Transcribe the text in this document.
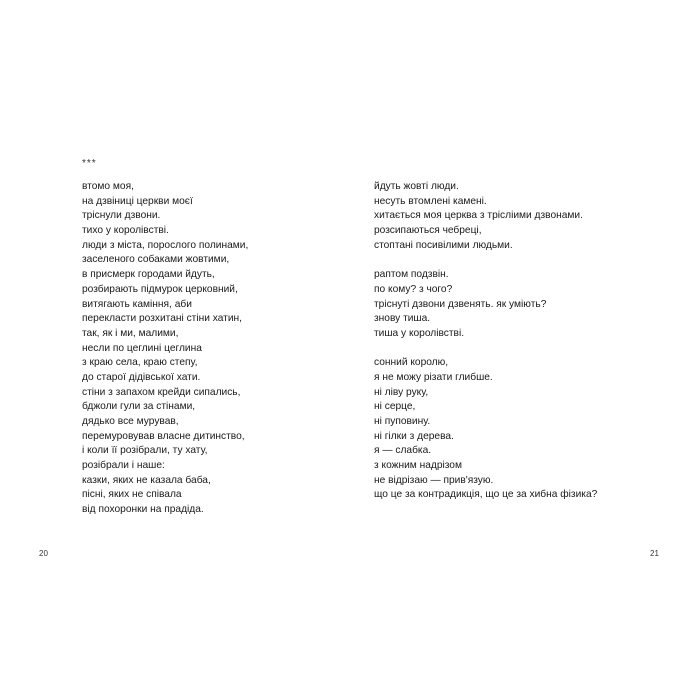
***

втомо моя,
на дзвіниці церкви моєї
тріснули дзвони.
тихо у королівстві.
люди з міста, порослого полинами,
заселеного собаками жовтими,
в присмерк городами йдуть,
розбирають підмурок церковний,
витягають каміння, аби
перекласти розхитані стіни хатин,
так, як і ми, малими,
несли по цеглині цеглина
з краю села, краю степу,
до старої дідівської хати.
стіни з запахом крейди сипались,
бджоли гули за стінами,
дядько все мурував,
перемуровував власне дитинство,
і коли її розібрали, ту хату,
розібрали і наше:
казки, яких не казала баба,
пісні, яких не співала
від похоронки на прадіда.
йдуть жовті люди.
несуть втомлені камені.
хитається моя церква з трісліими дзвонами.
розсипаються чебреці,
стоптані посивілими людьми.
раптом подзвін.
по кому? з чого?
тріснуті дзвони дзвенять. як уміють?
знову тиша.
тиша у королівстві.
сонний королю,
я не можу різати глибше.
ні ліву руку,
ні серце,
ні пуповину.
ні гілки з дерева.
я — слабка.
з кожним надрізом
не відрізаю — прив'язую.
що це за контрадикція, що це за хибна фізика?
20	21
